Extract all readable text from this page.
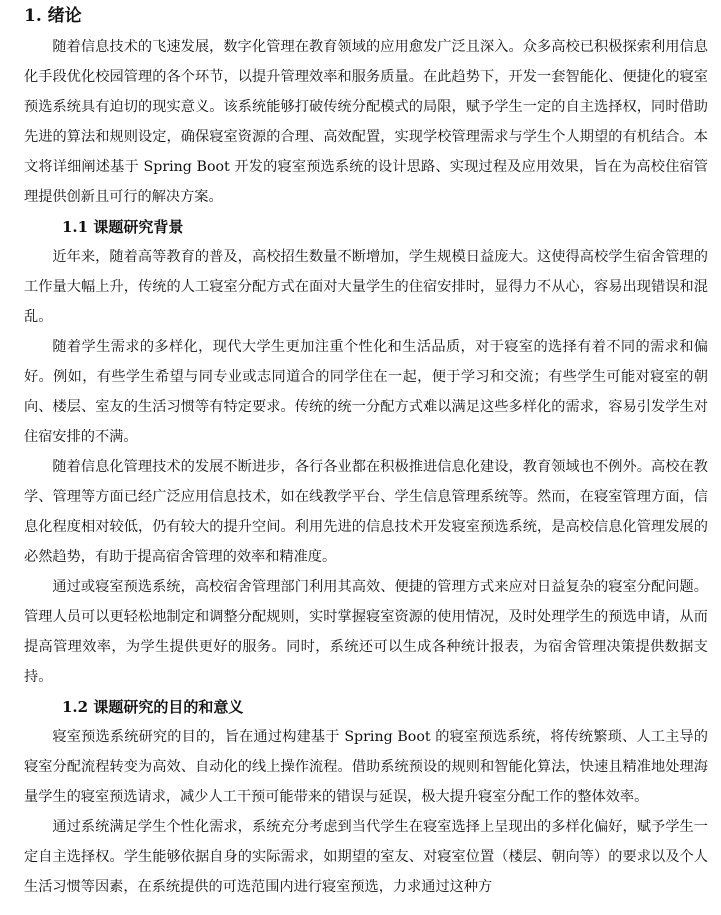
1. 绪论

随着信息技术的飞速发展，数字化管理在教育领域的应用愈发广泛且深入。众多高校已积极探索利用信息化手段优化校园管理的各个环节，以提升管理效率和服务质量。在此趋势下，开发一套智能化、便捷化的寝室预选系统具有迫切的现实意义。该系统能够打破传统分配模式的局限，赋予学生一定的自主选择权，同时借助先进的算法和规则设定，确保寝室资源的合理、高效配置，实现学校管理需求与学生个人期望的有机结合。本文将详细阐述基于 Spring Boot 开发的寝室预选系统的设计思路、实现过程及应用效果，旨在为高校住宿管理提供创新且可行的解决方案。

1.1 课题研究背景

近年来，随着高等教育的普及，高校招生数量不断增加，学生规模日益庞大。这使得高校学生宿舍管理的工作量大幅上升，传统的人工寝室分配方式在面对大量学生的住宿安排时，显得力不从心，容易出现错误和混乱。

随着学生需求的多样化，现代大学生更加注重个性化和生活品质，对于寝室的选择有着不同的需求和偏好。例如，有些学生希望与同专业或志同道合的同学住在一起，便于学习和交流；有些学生可能对寝室的朝向、楼层、室友的生活习惯等有特定要求。传统的统一分配方式难以满足这些多样化的需求，容易引发学生对住宿安排的不满。

随着信息化管理技术的发展不断进步，各行各业都在积极推进信息化建设，教育领域也不例外。高校在教学、管理等方面已经广泛应用信息技术，如在线教学平台、学生信息管理系统等。然而，在寝室管理方面，信息化程度相对较低，仍有较大的提升空间。利用先进的信息技术开发寝室预选系统，是高校信息化管理发展的必然趋势，有助于提高宿舍管理的效率和精准度。

通过或寝室预选系统，高校宿舍管理部门利用其高效、便捷的管理方式来应对日益复杂的寝室分配问题。管理人员可以更轻松地制定和调整分配规则，实时掌握寝室资源的使用情况，及时处理学生的预选申请，从而提高管理效率，为学生提供更好的服务。同时，系统还可以生成各种统计报表，为宿舍管理决策提供数据支持。

1.2 课题研究的目的和意义

寝室预选系统研究的目的，旨在通过构建基于 Spring Boot 的寝室预选系统，将传统繁琐、人工主导的寝室分配流程转变为高效、自动化的线上操作流程。借助系统预设的规则和智能化算法，快速且精准地处理海量学生的寝室预选请求，减少人工干预可能带来的错误与延误，极大提升寝室分配工作的整体效率。

通过系统满足学生个性化需求，系统充分考虑到当代学生在寝室选择上呈现出的多样化偏好，赋予学生一定自主选择权。学生能够依据自身的实际需求，如期望的室友、对寝室位置（楼层、朝向等）的要求以及个人生活习惯等因素，在系统提供的可选范围内进行寝室预选，力求通过这种方
